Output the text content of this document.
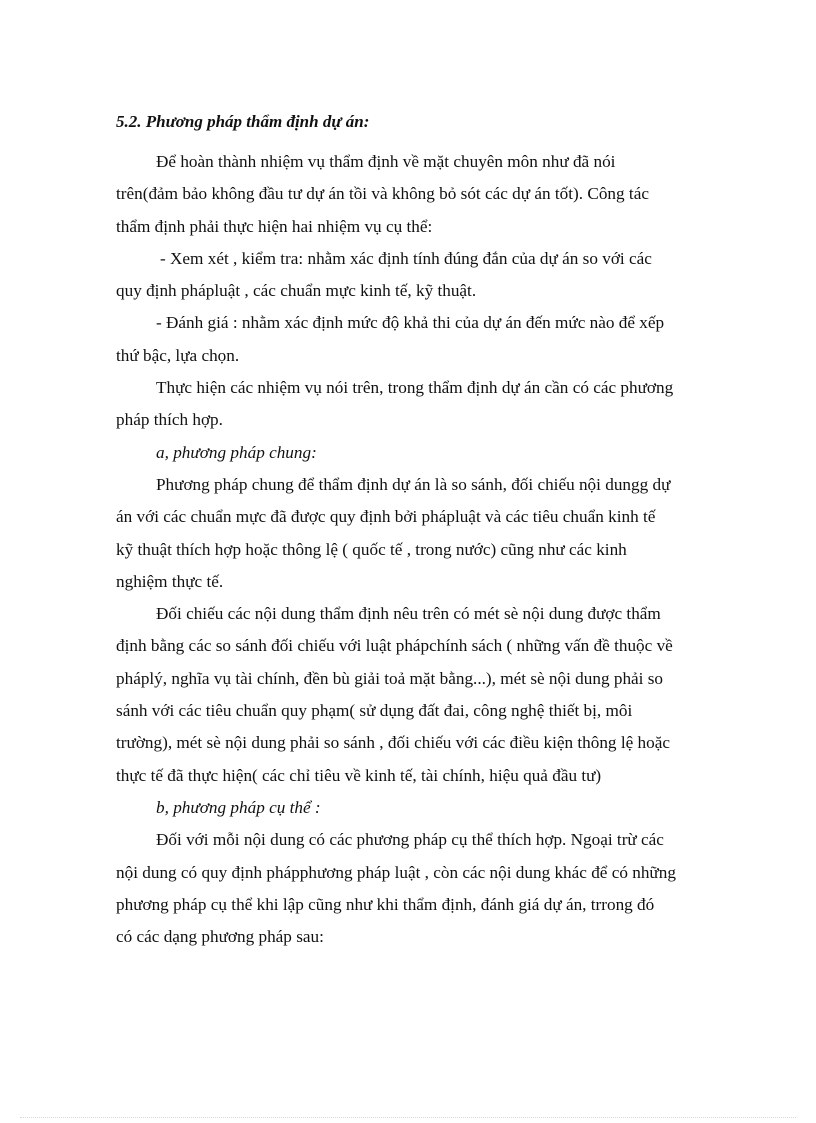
5.2. Phương pháp thẩm định dự án:

Để hoàn thành nhiệm vụ thẩm định về mặt chuyên môn như đã nói
trên(đảm bảo không đầu tư dự án tồi và không bỏ sót các dự án tốt). Công tác
thẩm định phải thực hiện hai nhiệm vụ cụ thể:
- Xem xét , kiểm tra: nhằm xác định tính đúng đắn của dự án so với các
quy định phápluật , các chuẩn mực kinh tế, kỹ thuật.
- Đánh giá : nhằm xác định mức độ khả thi của dự án đến mức nào để xếp
thứ bậc, lựa chọn.
Thực hiện các nhiệm vụ nói trên, trong thẩm định dự án cần có các phương
pháp thích hợp.
a, phương pháp chung:
Phương pháp chung để thẩm định dự án là so sánh, đối chiếu nội dungg dự
án với các chuẩn mực đã được quy định bởi phápluật và các tiêu chuẩn kinh tế
kỹ thuật thích hợp hoặc thông lệ ( quốc tế , trong nước) cũng như các kinh
nghiệm thực tế.
Đối chiếu các nội dung thẩm định nêu trên có mét sè nội dung được thẩm
định bằng các so sánh đối chiếu với luật phápchính sách ( những vấn đề thuộc về
pháplý, nghĩa vụ tài chính, đền bù giải toả mặt bằng...), mét sè nội dung phải so
sánh với các tiêu chuẩn quy phạm( sử dụng đất đai, công nghệ thiết bị, môi
trường), mét sè nội dung phải so sánh , đối chiếu với các điều kiện thông lệ hoặc
thực tế đã thực hiện( các chỉ tiêu về kinh tế, tài chính, hiệu quả đầu tư)
b, phương pháp cụ thể :
Đối với mỗi nội dung có các phương pháp cụ thể thích hợp. Ngoại trừ các
nội dung có quy định phápphương pháp luật , còn các nội dung khác để có những
phương pháp cụ thể khi lập cũng như khi thẩm định, đánh giá dự án, trrong đó
có các dạng phương pháp sau:
